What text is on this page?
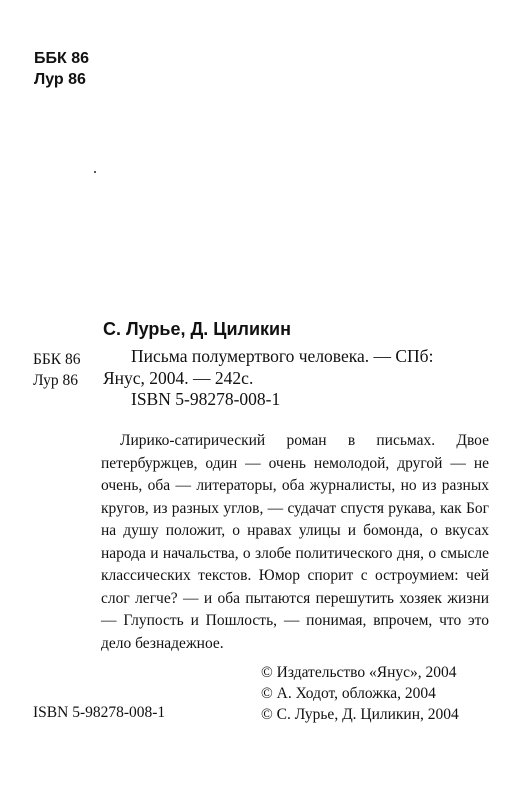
ББК 86
Лур 86
ББК 86
Лур 86
С. Лурье, Д. Циликин
Письма полумертвого человека. — СПб:
Янус, 2004. — 242с.
ISBN 5-98278-008-1

Лирико-сатирический роман в письмах. Двое петербуржцев, один — очень немолодой, другой — не очень, оба — литераторы, оба журналисты, но из разных кругов, из разных углов, — судачат спустя рукава, как Бог на душу положит, о нравах улицы и бомонда, о вкусах народа и начальства, о злобе политического дня, о смысле классических текстов. Юмор спорит с остроумием: чей слог легче? — и оба пытаются перешутить хозяек жизни — Глупость и Пошлость, — понимая, впрочем, что это дело безнадежное.

ISBN 5-98278-008-1
© Издательство «Янус», 2004
© А. Ходот, обложка, 2004
© С. Лурье, Д. Циликин, 2004
